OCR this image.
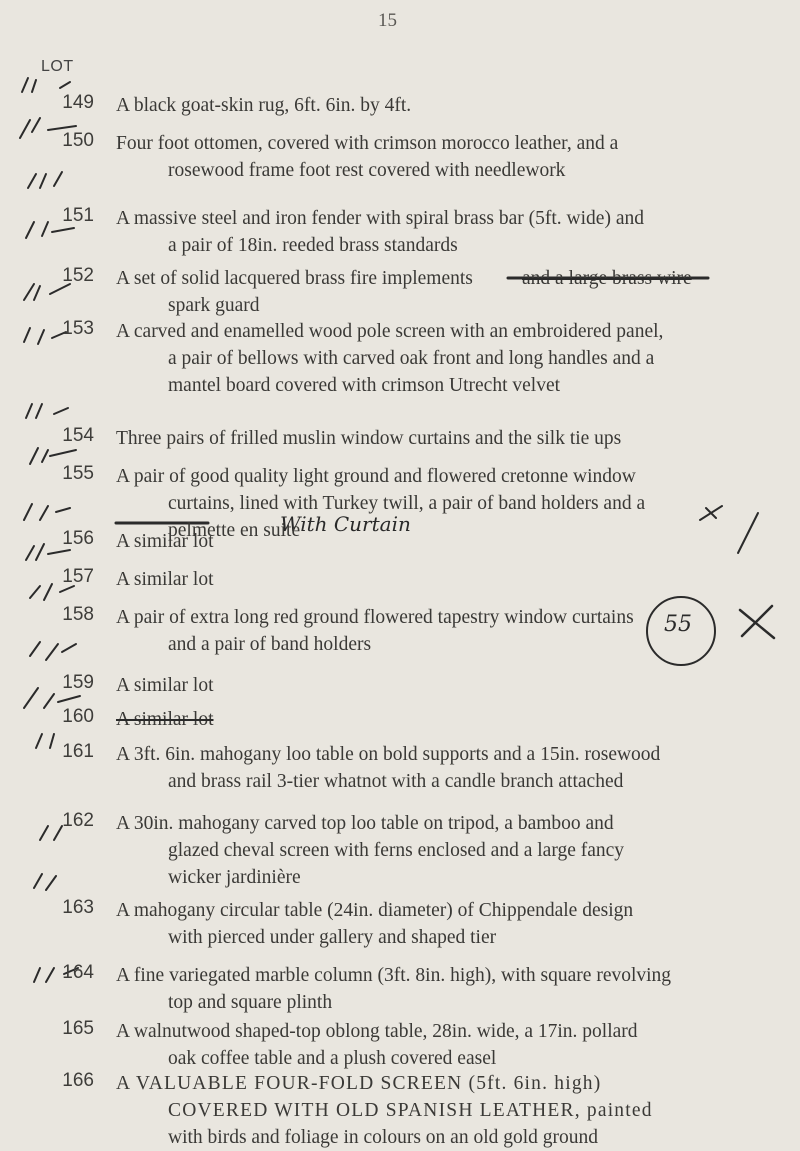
15
LOT
With Curtain
55
149 A black goat-skin rug, 6ft. 6in. by 4ft.
150 Four foot ottomen, covered with crimson morocco leather, and a
rosewood frame foot rest covered with needlework
151 A massive steel and iron fender with spiral brass bar (5ft. wide) and
a pair of 18in. reeded brass standards
152 A set of solid lacquered brass fire implements	and a large brass wire
spark guard
153 A carved and enamelled wood pole screen with an embroidered panel,
a pair of bellows with carved oak front and long handles and a
mantel board covered with crimson Utrecht velvet
154 Three pairs of frilled muslin window curtains and the silk tie ups
155 A pair of good quality light ground and flowered cretonne window
curtains, lined with Turkey twill, a pair of band holders and a
pelmette en suite
156 A similar lot
157 A similar lot
158 A pair of extra long red ground flowered tapestry window curtains
and a pair of band holders
159 A similar lot
160 A similar lot
161 A 3ft. 6in. mahogany loo table on bold supports and a 15in. rosewood
and brass rail 3-tier whatnot with a candle branch attached
162 A 30in. mahogany carved top loo table on tripod, a bamboo and
glazed cheval screen with ferns enclosed and a large fancy
wicker jardinière
163 A mahogany circular table (24in. diameter) of Chippendale design
with pierced under gallery and shaped tier
164 A fine variegated marble column (3ft. 8in. high), with square revolving
top and square plinth
165 A walnutwood shaped-top oblong table, 28in. wide, a 17in. pollard
oak coffee table and a plush covered easel
166 A VALUABLE FOUR-FOLD SCREEN (5ft. 6in. high)
COVERED WITH OLD SPANISH LEATHER, painted
with birds and foliage in colours on an old gold ground
